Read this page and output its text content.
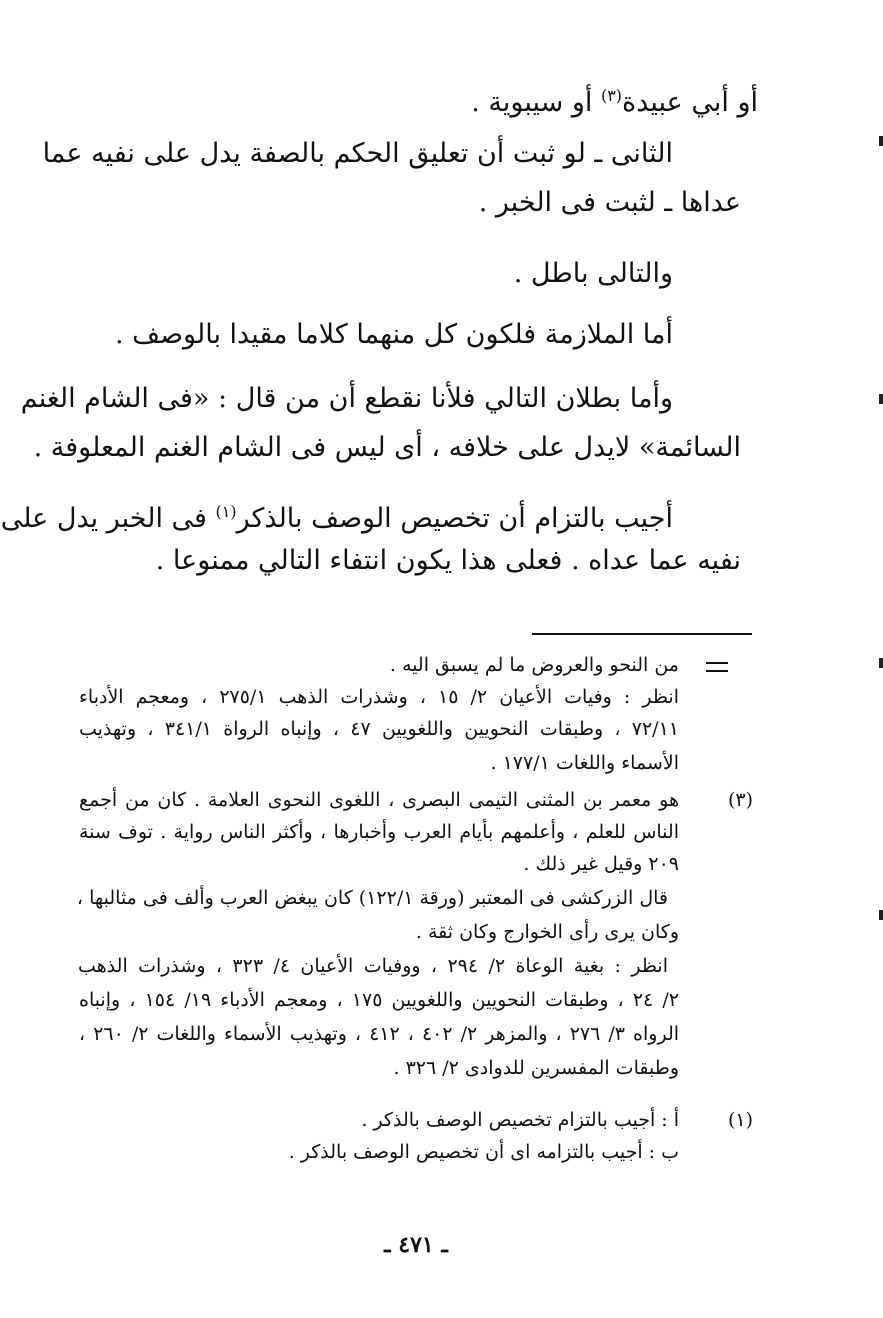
أو أبي عبيدة$^{(٣)}$ أو سيبوية .
الثانى ـ لو ثبت أن تعليق الحكم بالصفة يدل على نفيه عما
عداها ـ لثبت فى الخبر .
والتالى باطل .
أما الملازمة فلكون كل منهما كلاما مقيدا بالوصف .
وأما بطلان التالي فلأنا نقطع أن من قال : «فى الشام الغنم
السائمة» لايدل على خلافه ، أى ليس فى الشام الغنم المعلوفة .
أجيب بالتزام أن تخصيص الوصف بالذكر$^{(١)}$ فى الخبر يدل على
نفيه عما عداه . فعلى هذا يكون انتفاء التالي ممنوعا .
من النحو والعروض ما لم يسبق اليه .
انظر : وفيات الأعيان ٢/ ١٥ ، وشذرات الذهب ٢٧٥/١ ، ومعجم الأدباء
٧٢/١١ ، وطبقات النحويين واللغويين ٤٧ ، وإنباه الرواة ٣٤١/١ ، وتهذيب
الأسماء واللغات ١٧٧/١ .
(٣)
هو معمر بن المثنى التيمى البصرى ، اللغوى النحوى العلامة . كان من أجمع
الناس للعلم ، وأعلمهم بأيام العرب وأخبارها ، وأكثر الناس رواية . توف سنة
٢٠٩ وقيل غير ذلك .
قال الزركشى فى المعتبر (ورقة ١٢٢/١) كان يبغض العرب وألف فى مثالبها ،
وكان يرى رأى الخوارج وكان ثقة .
انظر : بغية الوعاة ٢/ ٢٩٤ ، ووفيات الأعيان ٤/ ٣٢٣ ، وشذرات الذهب
٢/ ٢٤ ، وطبقات النحويين واللغويين ١٧٥ ، ومعجم الأدباء ١٩/ ١٥٤ ، وإنباه
الرواه ٣/ ٢٧٦ ، والمزهر ٢/ ٤٠٢ ، ٤١٢ ، وتهذيب الأسماء واللغات ٢/ ٢٦٠ ،
وطبقات المفسرين للدوادى ٢/ ٣٢٦ .
(١)
أ : أجيب بالتزام تخصيص الوصف بالذكر .
ب : أجيب بالتزامه اى أن تخصيص الوصف بالذكر .
ـ ٤٧١ ـ
